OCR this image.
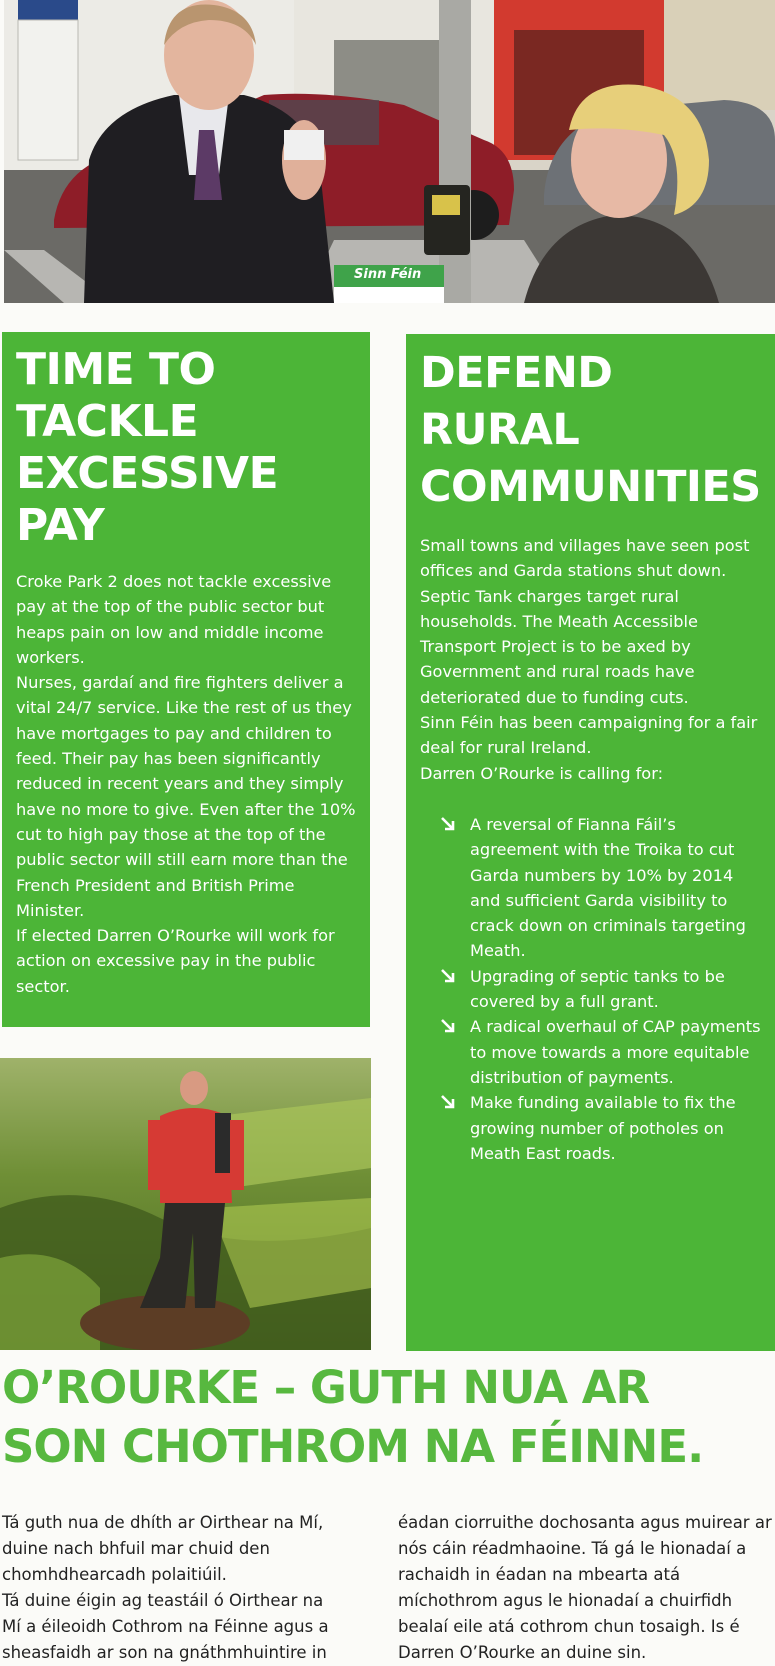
Sinn Féin
TIME TO
TACKLE
EXCESSIVE
PAY

Croke Park 2 does not tackle excessive pay at the top of the public sector but heaps pain on low and middle income workers.

Nurses, gardaí and fire fighters deliver a vital 24/7 service. Like the rest of us they have mortgages to pay and children to feed. Their pay has been significantly reduced in recent years and they simply have no more to give. Even after the 10% cut to high pay those at the top of the public sector will still earn more than the French President and British Prime Minister.

If elected Darren O’Rourke will work for action on excessive pay in the public sector.

DEFEND
RURAL
COMMUNITIES

Small towns and villages have seen post offices and Garda stations shut down. Septic Tank charges target rural households. The Meath Accessible Transport Project is to be axed by Government and rural roads have deteriorated due to funding cuts.

Sinn Féin has been campaigning for a fair deal for rural Ireland.

Darren O’Rourke is calling for:

A reversal of Fianna Fáil’s agreement with the Troika to cut Garda numbers by 10% by 2014 and sufficient Garda visibility to crack down on criminals targeting Meath.
Upgrading of septic tanks to be covered by a full grant.
A radical overhaul of CAP payments to move towards a more equitable distribution of payments.
Make funding available to fix the growing number of potholes on Meath East roads.
O’ROURKE – GUTH NUA AR
SON CHOTHROM NA FÉINNE.

Tá guth nua de dhíth ar Oirthear na Mí, duine nach bhfuil mar chuid den chomhdhearcadh polaitiúil.

Tá duine éigin ag teastáil ó Oirthear na Mí a éileoidh Cothrom na Féinne agus a sheasfaidh ar son na gnáthmhuintire in

éadan ciorruithe dochosanta agus muirear ar nós cáin réadmhaoine. Tá gá le hionadaí a rachaidh in éadan na mbearta atá míchothrom agus le hionadaí a chuirfidh bealaí eile atá cothrom chun tosaigh. Is é Darren O’Rourke an duine sin.
